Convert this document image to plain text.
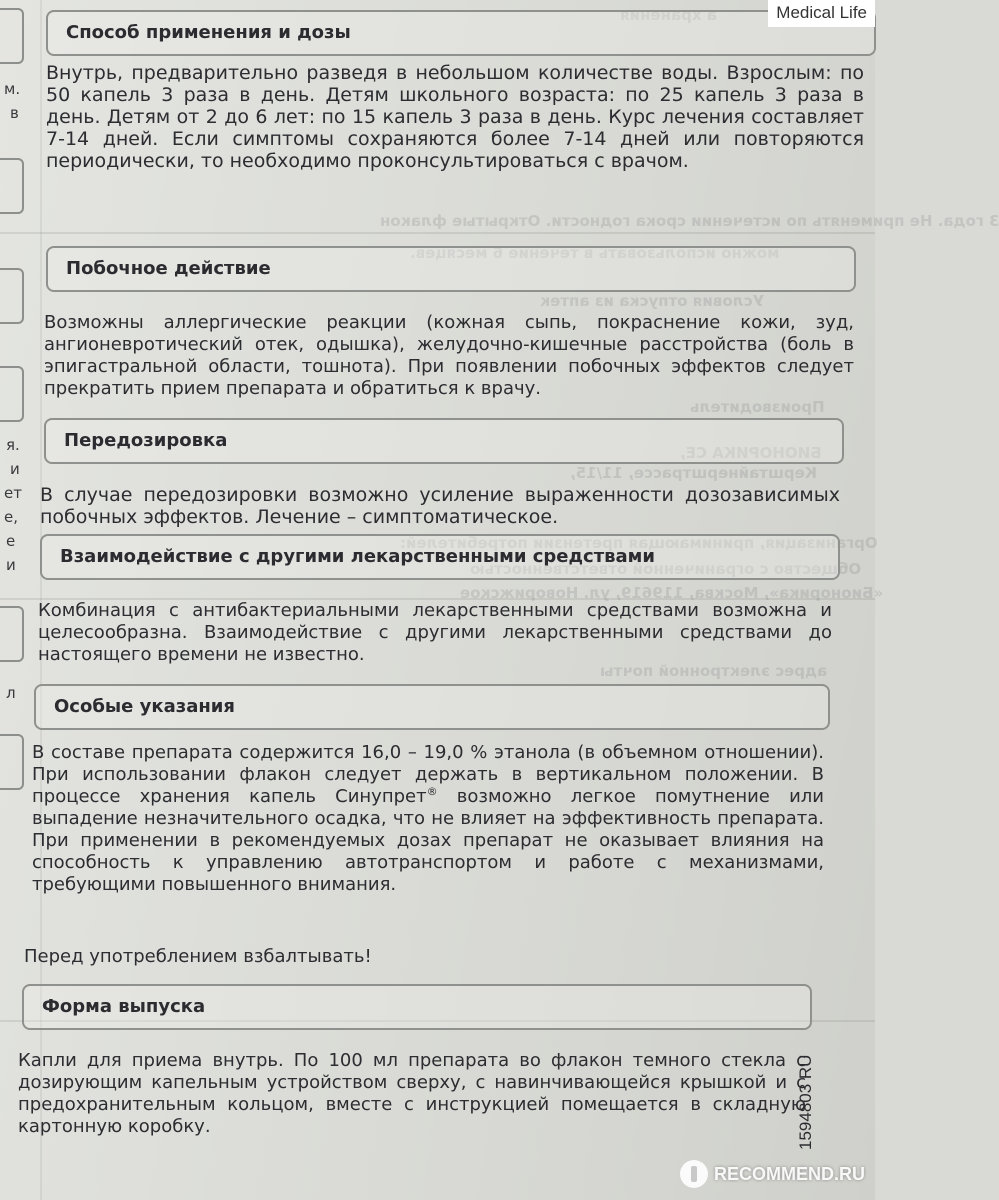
а хранения
3 года. Не применять по истечении срока годности. Открытые флакон
можно использовать в течение 6 месяцев.
Условия отпуска из аптек
Производитель
БИОНОРИКА СЕ,
Керштайнерштрассе, 11/15,
Организация, принимающая претензии потребителей:
Общество с ограниченной ответственностью
«Бионорика», Москва, 119619, ул. Новорижское
адрес электронной почты
м.
в
я.
и
ет
е,
е
и
л
Способ применения и дозы
Внутрь, предварительно разведя в небольшом количестве воды. Взрослым: по 50 капель 3 раза в день. Детям школьного возраста: по 25 капель 3 раза в день. Детям от 2 до 6 лет: по 15 капель 3 раза в день. Курс лечения составляет 7-14 дней. Если симптомы сохраняются более 7-14 дней или повторяются периодически, то необходимо проконсультироваться с врачом.
Побочное действие
Возможны аллергические реакции (кожная сыпь, покраснение кожи, зуд, ангионевротический отек, одышка), желудочно-кишечные расстройства (боль в эпигастральной области, тошнота). При появлении побочных эффектов следует прекратить прием препарата и обратиться к врачу.
Передозировка
В случае передозировки возможно усиление выраженности дозозависимых побочных эффектов. Лечение – симптоматическое.
Взаимодействие с другими лекарственными средствами
Комбинация с антибактериальными лекарственными средствами возможна и целесообразна. Взаимодействие с другими лекарственными средствами до настоящего времени не известно.
Особые указания
В составе препарата содержится 16,0 – 19,0 % этанола (в объемном отношении). При использовании флакон следует держать в вертикальном положении. В процессе хранения капель Синупрет® возможно легкое помутнение или выпадение незначительного осадка, что не влияет на эффективность препарата. При применении в рекомендуемых дозах препарат не оказывает влияния на способность к управлению автотранспортом и работе с механизмами, требующими повышенного внимания.
Перед употреблением взбалтывать!
Форма выпуска
Капли для приема внутрь. По 100 мл препарата во флакон темного стекла с дозирующим капельным устройством сверху, с навинчивающейся крышкой и с предохранительным кольцом, вместе с инструкцией помещается в складную картонную коробку.	1594803 RU
Medical Life
RECOMMEND.RU
